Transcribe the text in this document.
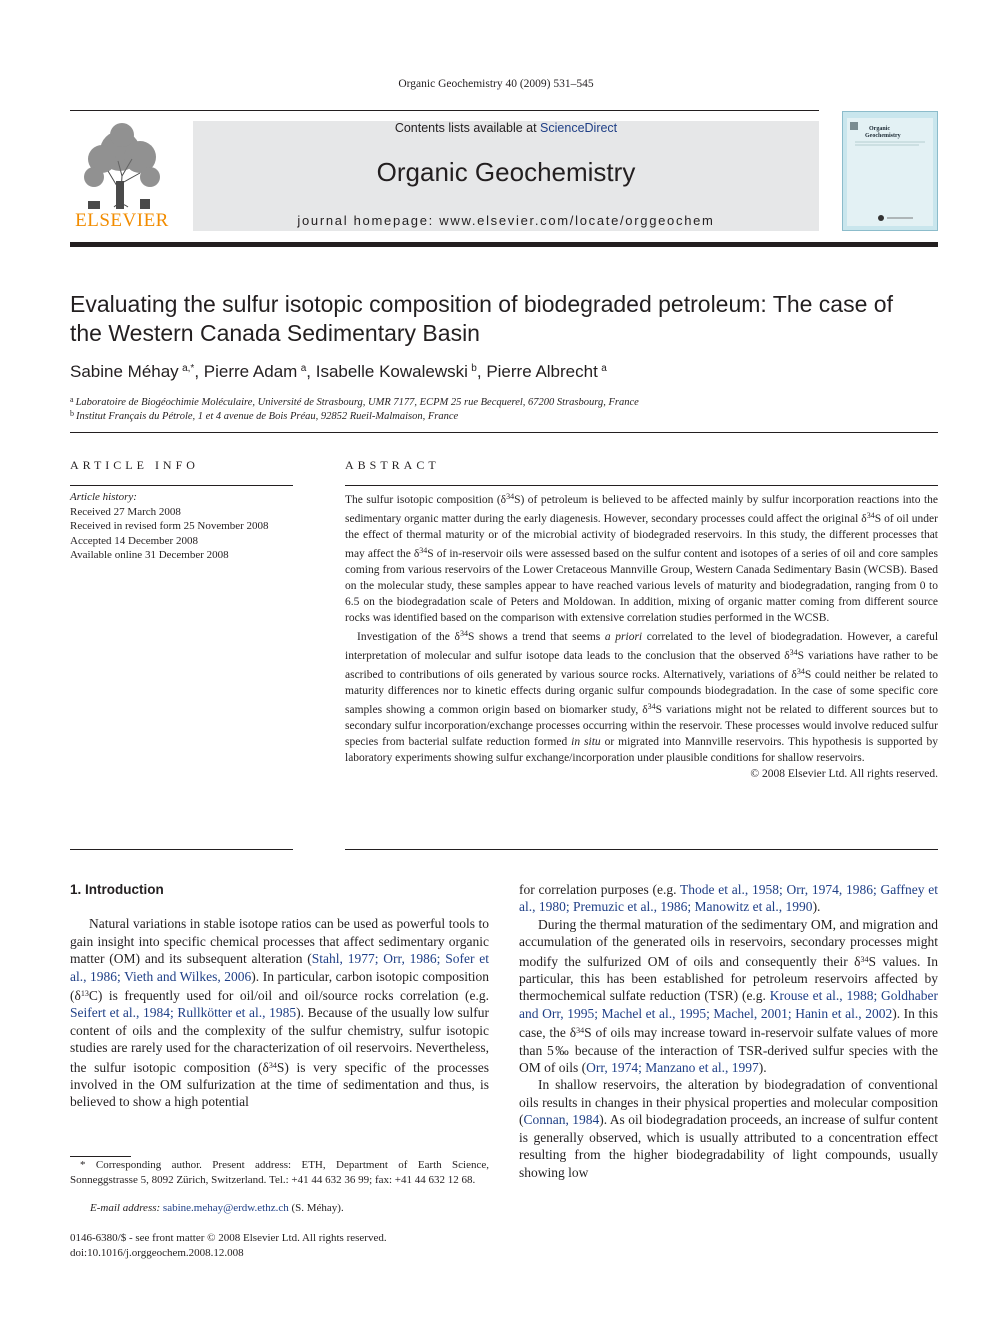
Organic Geochemistry 40 (2009) 531–545
ELSEVIER
Contents lists available at ScienceDirect
Organic Geochemistry
journal homepage: www.elsevier.com/locate/orggeochem
Organic
Geochemistry
Evaluating the sulfur isotopic composition of biodegraded petroleum: The case of the Western Canada Sedimentary Basin
Sabine Méhay  $^{a,*}$, Pierre Adam  $^a$, Isabelle Kowalewski  $^b$, Pierre Albrecht  $^a$
$^a$ Laboratoire de Biogéochimie Moléculaire, Université de Strasbourg, UMR 7177, ECPM 25 rue Becquerel, 67200 Strasbourg, France
$^b$ Institut Français du Pétrole, 1 et 4 avenue de Bois Préau, 92852 Rueil-Malmaison, France
ARTICLE INFO
Article history:
Received 27 March 2008
Received in revised form 25 November 2008
Accepted 14 December 2008
Available online 31 December 2008
ABSTRACT

The sulfur isotopic composition $(\delta^{34}S)$ of petroleum is believed to be affected mainly by sulfur incorporation reactions into the sedimentary organic matter during the early diagenesis. However, secondary processes could affect the original $\delta^{34}S$ of oil under the effect of thermal maturity or of the microbial activity of biodegraded reservoirs. In this study, the different processes that may affect the $\delta^{34}S$ of in-reservoir oils were assessed based on the sulfur content and isotopes of a series of oil and core samples coming from various reservoirs of the Lower Cretaceous Mannville Group, Western Canada Sedimentary Basin (WCSB). Based on the molecular study, these samples appear to have reached various levels of maturity and biodegradation, ranging from 0 to 6.5 on the biodegradation scale of Peters and Moldowan. In addition, mixing of organic matter coming from different source rocks was identified based on the comparison with extensive correlation studies performed in the WCSB.

Investigation of the $\delta^{34}S$ shows a trend that seems a priori correlated to the level of biodegradation. However, a careful interpretation of molecular and sulfur isotope data leads to the conclusion that the observed $\delta^{34}S$ variations have rather to be ascribed to contributions of oils generated by various source rocks. Alternatively, variations of $\delta^{34}S$ could neither be related to maturity differences nor to kinetic effects during organic sulfur compounds biodegradation. In the case of some specific core samples showing a common origin based on biomarker study, $\delta^{34}S$ variations might not be related to different sources but to secondary sulfur incorporation/exchange processes occurring within the reservoir. These processes would involve reduced sulfur species from bacterial sulfate reduction formed in situ or migrated into Mannville reservoirs. This hypothesis is supported by laboratory experiments showing sulfur exchange/incorporation under plausible conditions for shallow reservoirs.

© 2008 Elsevier Ltd. All rights reserved.

1. Introduction

Natural variations in stable isotope ratios can be used as powerful tools to gain insight into specific chemical processes that affect sedimentary organic matter (OM) and its subsequent alteration (Stahl, 1977; Orr, 1986; Sofer et al., 1986; Vieth and Wilkes, 2006). In particular, carbon isotopic composition $(\delta^{13}C)$ is frequently used for oil/oil and oil/source rocks correlation (e.g. Seifert et al., 1984; Rullkötter et al., 1985). Because of the usually low sulfur content of oils and the complexity of the sulfur chemistry, sulfur isotopic studies are rarely used for the characterization of oil reservoirs. Nevertheless, the sulfur isotopic composition $(\delta^{34}S)$ is very specific of the processes involved in the OM sulfurization at the time of sedimentation and thus, is believed to show a high potential

for correlation purposes (e.g. Thode et al., 1958; Orr, 1974, 1986; Gaffney et al., 1980; Premuzic et al., 1986; Manowitz et al., 1990).

During the thermal maturation of the sedimentary OM, and migration and accumulation of the generated oils in reservoirs, secondary processes might modify the sulfurized OM of oils and consequently their $\delta^{34}S$ values. In particular, this has been established for petroleum reservoirs affected by thermochemical sulfate reduction (TSR) (e.g. Krouse et al., 1988; Goldhaber and Orr, 1995; Machel et al., 1995; Machel, 2001; Hanin et al., 2002). In this case, the $\delta^{34}S$ of oils may increase toward in-reservoir sulfate values of more than 5‰ because of the interaction of TSR-derived sulfur species with the OM of oils (Orr, 1974; Manzano et al., 1997).

In shallow reservoirs, the alteration by biodegradation of conventional oils results in changes in their physical properties and molecular composition (Connan, 1984). As oil biodegradation proceeds, an increase of sulfur content is generally observed, which is usually attributed to a concentration effect resulting from the higher biodegradability of light compounds, usually showing low

* Corresponding author. Present address: ETH, Department of Earth Science, Sonneggstrasse 5, 8092 Zürich, Switzerland. Tel.: +41 44 632 36 99; fax: +41 44 632 12 68.
E-mail address: sabine.mehay@erdw.ethz.ch (S. Méhay).
0146-6380/$ - see front matter © 2008 Elsevier Ltd. All rights reserved.
doi:10.1016/j.orggeochem.2008.12.008
